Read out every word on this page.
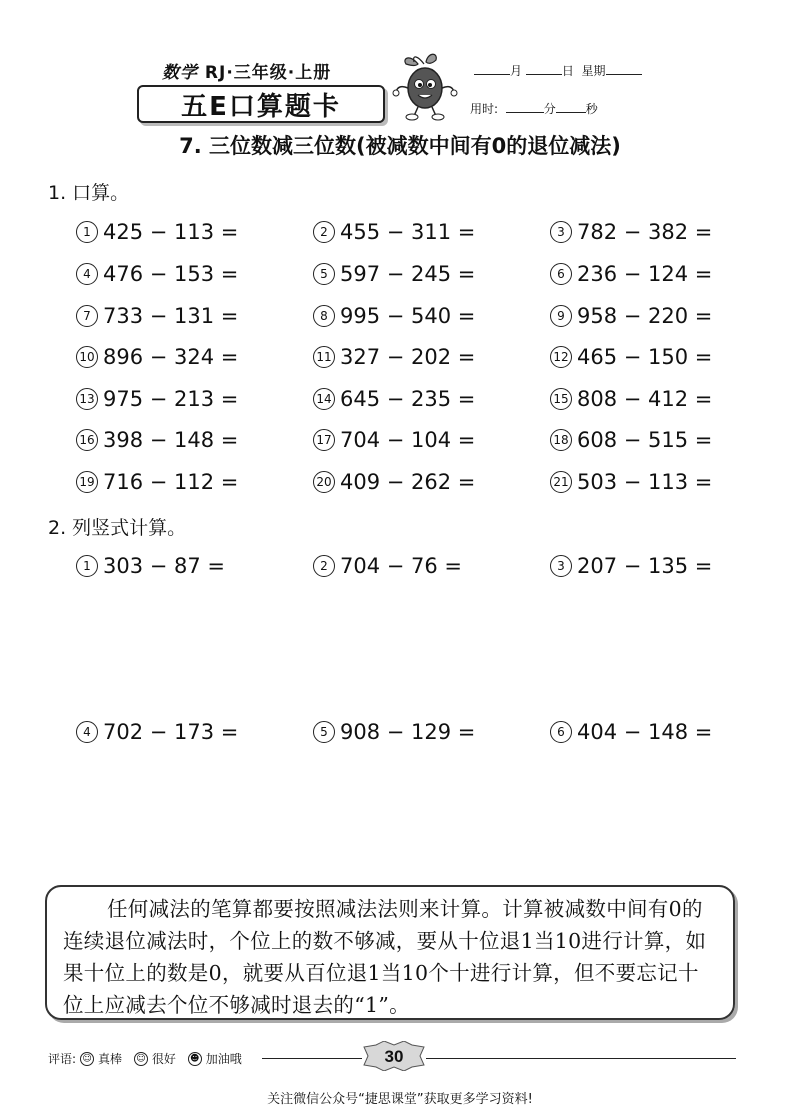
数学 RJ·三年级·上册
五E口算题卡
月	日 星期
用时:	分	秒
7. 三位数减三位数(被减数中间有0的退位减法)
1. 口算。
1 425 − 113 =	2 455 − 311 =	3 782 − 382 =
4 476 − 153 =	5 597 − 245 =	6 236 − 124 =
7 733 − 131 =	8 995 − 540 =	9 958 − 220 =
10 896 − 324 =	11 327 − 202 =	12 465 − 150 =
13 975 − 213 =	14 645 − 235 =	15 808 − 412 =
16 398 − 148 =	17 704 − 104 =	18 608 − 515 =
19 716 − 112 =	20 409 − 262 =	21 503 − 113 =
2. 列竖式计算。
1 303 − 87 =	2 704 − 76 =	3 207 − 135 =
4 702 − 173 =	5 908 − 129 =	6 404 − 148 =
任何减法的笔算都要按照减法法则来计算。计算被减数中间有0的连续退位减法时，个位上的数不够减，要从十位退1当10进行计算，如果十位上的数是0，就要从百位退1当10个十进行计算，但不要忘记十位上应减去个位不够减时退去的“1”。
评语: ☺ 真棒
☺ 很好
☻ 加油哦	30
关注微信公众号“捷思课堂”获取更多学习资料!
